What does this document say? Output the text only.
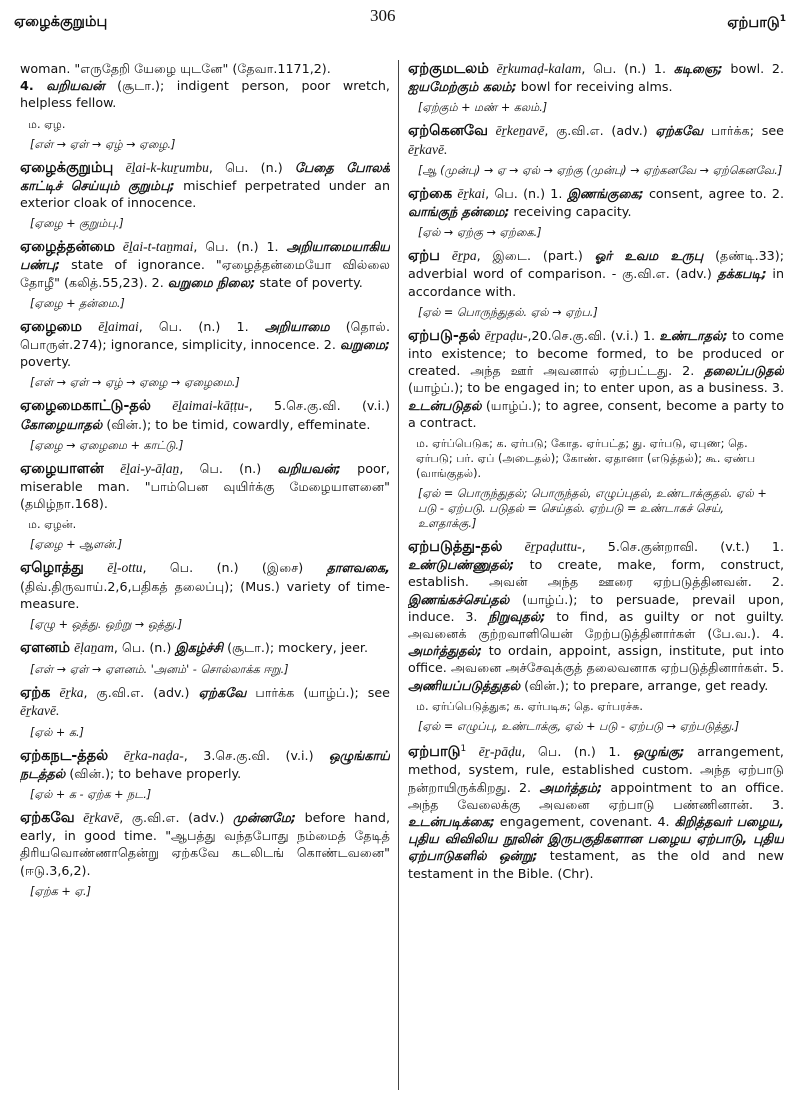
ஏழைக்குறும்பு	ஏற்பாடு$^1$
306
woman. "எருதேறி யேழை யுடனே" (தேவா.1171,2).
4. வறியவன் (சூடா.); indigent person, poor wretch, helpless fellow.
ம. ஏழ.
[எள் → ஏள் → ஏழ் → ஏழை.]
ஏழைக்குறும்பு ēḻai-k-kuṟumbu, பெ. (n.) பேதை போலக் காட்டிச் செய்யும் குறும்பு; mischief perpetrated under an exterior cloak of innocence.
[ஏழை + குறும்பு.]
ஏழைத்தன்மை ēḻai-t-taṉmai, பெ. (n.) 1. அறியாமையாகிய பண்பு; state of ignorance. "ஏழைத்தன்மையோ வில்லை தோழீ" (கலித்.55,23). 2. வறுமை நிலை; state of poverty.
[ஏழை + தன்மை.]
ஏழைமை ēḻaimai, பெ. (n.) 1. அறியாமை (தொல். பொருள்.274); ignorance, simplicity, innocence. 2. வறுமை; poverty.
[எள் → ஏள் → ஏழ் → ஏழை → ஏழைமை.]
ஏழைமைகாட்டு-தல் ēḻaimai-kāṭṭu-, 5.செ.கு.வி. (v.i.) கோழையாதல் (வின்.); to be timid, cowardly, effeminate.
[ஏழை → ஏழைமை + காட்டு.]
ஏழையாளன் ēḻai-y-āḷaṉ, பெ. (n.) வறியவன்; poor, miserable man. "பாம்பென வுயிர்க்கு மேழையாளனை" (தமிழ்நா.168).
ம. ஏழன்.
[ஏழை + ஆளன்.]
ஏழொத்து ēḻ-ottu, பெ. (n.) (இசை) தாளவகை, (திவ்.திருவாய்.2,6,பதிகத் தலைப்பு); (Mus.) variety of time-measure.
[ஏழு + ஒத்து. ஒற்று → ஒத்து.]
ஏளனம் ēḷaṉam, பெ. (n.) இகழ்ச்சி (சூடா.); mockery, jeer.
[எள் → ஏள் → ஏளனம். 'அனம்' - சொல்லாக்க ஈறு.]
ஏற்க ēṟka, கு.வி.எ. (adv.) ஏற்கவே பார்க்க (யாழ்ப்.); see ēṟkavē.
[ஏல் + க.]
ஏற்கநட-த்தல் ēṟka-naḍa-, 3.செ.கு.வி. (v.i.) ஒழுங்காய் நடத்தல் (வின்.); to behave properly.
[ஏல் + க - ஏற்க + நட.]
ஏற்கவே ēṟkavē, கு.வி.எ. (adv.) முன்னமே; before hand, early, in good time. "ஆபத்து வந்தபோது நம்மைத் தேடித் திரியவொண்ணாதென்று ஏற்கவே கடலிடங் கொண்டவனை" (ஈடு.3,6,2).
[ஏற்க + ஏ.]
ஏற்குமடலம் ēṟkumaḍ-kalam, பெ. (n.) 1. கடிஞை; bowl. 2. ஐயமேற்கும் கலம்; bowl for receiving alms.
[ஏற்கும் + மண் + கலம்.]
ஏற்கெனவே ēṟkeṉavē, கு.வி.எ. (adv.) ஏற்கவே பார்க்க; see ēṟkavē.
[ஆ (முன்பு) → ஏ → ஏல் → ஏற்கு (முன்பு) → ஏற்கனவே → ஏற்கெனவே.]
ஏற்கை ēṟkai, பெ. (n.) 1. இணங்குகை; consent, agree to. 2. வாங்குந் தன்மை; receiving capacity.
[ஏல் → ஏற்கு → ஏற்கை.]
ஏற்ப ēṟpa, இடை. (part.) ஓர் உவம உருபு (தண்டி.33); adverbial word of comparison. - கு.வி.எ. (adv.) தக்கபடி; in accordance with.
[ஏல் = பொருந்துதல். ஏல் → ஏற்ப.]
ஏற்படு-தல் ēṟpaḍu-,20.செ.கு.வி. (v.i.) 1. உண்டாதல்; to come into existence; to become formed, to be produced or created. அந்த ஊர் அவனால் ஏற்பட்டது. 2. தலைப்படுதல் (யாழ்ப்.); to be engaged in; to enter upon, as a business. 3. உடன்படுதல் (யாழ்ப்.); to agree, consent, become a party to a contract.
ம. ஏர்ப்பெடுக; க. ஏர்படு; கோத. ஏர்பட்த; து. ஏர்படு, ஏபுண; தெ. ஏர்படு; பர். ஏப் (அடைதல்); கோண். ஏதானா (எடுத்தல்); கூ. ஏண்ப (வாங்குதல்).
[ஏல் = பொருந்துதல்; பொருந்தல், எழுப்புதல், உண்டாக்குதல். ஏல் + படு - ஏற்படு. படுதல் = செய்தல். ஏற்படு = உண்டாகச் செய், உளதாக்கு.]
ஏற்படுத்து-தல் ēṟpaḍuttu-, 5.செ.குன்றாவி. (v.t.) 1. உண்டுபண்ணுதல்; to create, make, form, construct, establish. அவன் அந்த ஊரை ஏற்படுத்தினவன். 2. இணங்கச்செய்தல் (யாழ்ப்.); to persuade, prevail upon, induce. 3. நிறுவுதல்; to find, as guilty or not guilty. அவனைக் குற்றவாளியென் றேற்படுத்தினார்கள் (பே.வ.). 4. அமர்த்துதல்; to ordain, appoint, assign, institute, put into office. அவனை அச்சேவுக்குத் தலைவனாக ஏற்படுத்தினார்கள். 5. அணியப்படுத்துதல் (வின்.); to prepare, arrange, get ready.
ம. ஏர்ப்பெடுத்துக; க. ஏர்படிசு; தெ. ஏர்பரச்சு.
[ஏல் = எழுப்பு, உண்டாக்கு, ஏல் + படு - ஏற்படு → ஏற்படுத்து.]
ஏற்பாடு$^1$ ēṟ-pāḍu, பெ. (n.) 1. ஒழுங்கு; arrangement, method, system, rule, established custom. அந்த ஏற்பாடு நன்றாயிருக்கிறது. 2. அமர்த்தம்; appointment to an office. அந்த வேலைக்கு அவனை ஏற்பாடு பண்ணினான். 3. உடன்படிக்கை; engagement, covenant. 4. கிறித்தவர் பழைய, புதிய விவிலிய நூலின் இருபகுதிகளான பழைய ஏற்பாடு, புதிய ஏற்பாடுகளில் ஒன்று; testament, as the old and new testament in the Bible. (Chr).
